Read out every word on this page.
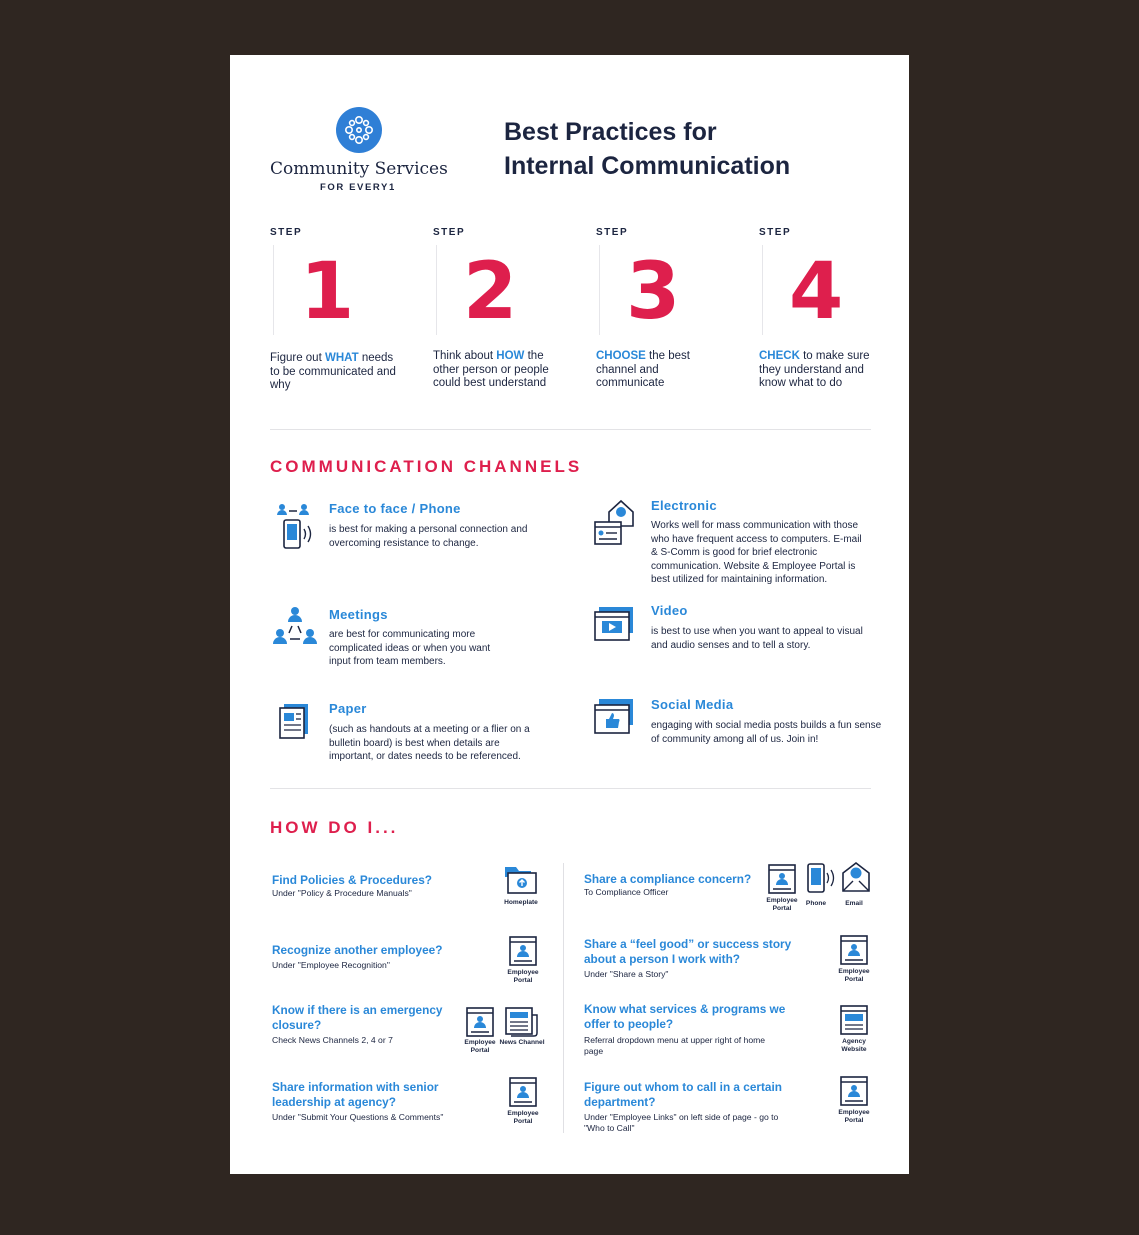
Community Services
FOR EVERY1
Best Practices for
Internal Communication
STEP
1
Figure out WHAT needs to be communicated and why
STEP
2
Think about HOW the other person or people could best understand
STEP
3
CHOOSE the best channel and communicate
STEP
4
CHECK to make sure they understand and know what to do
COMMUNICATION CHANNELS
Face to face / Phone
is best for making a personal connection and overcoming resistance to change.
Electronic
Works well for mass communication with those who have frequent access to computers. E-mail & S-Comm is good for brief electronic communication. Website & Employee Portal is best utilized for maintaining information.
Meetings
are best for communicating more complicated ideas or when you want input from team members.
Video
is best to use when you want to appeal to visual and audio senses and to tell a story.
Paper
(such as handouts at a meeting or a flier on a bulletin board) is best when details are important, or dates needs to be referenced.
Social Media
engaging with social media posts builds a fun sense of community among all of us. Join in!
HOW DO I...
Find Policies & Procedures?
Under "Policy & Procedure Manuals"
Homeplate
Recognize another employee?
Under "Employee Recognition"
Employee Portal
Know if there is an emergency closure?
Check News Channels 2, 4 or 7	Employee Portal
News Channel
Share information with senior leadership at agency?
Under "Submit Your Questions & Comments"	Employee Portal
Share a compliance concern?
To Compliance Officer
Employee Portal
Phone	Email
Share a “feel good” or success story about a person I work with?
Under "Share a Story"	Employee Portal
Know what services & programs we offer to people?
Referral dropdown menu at upper right of home page
Agency Website
Figure out whom to call in a certain department?
Under "Employee Links" on left side of page - go to "Who to Call"
Employee Portal
